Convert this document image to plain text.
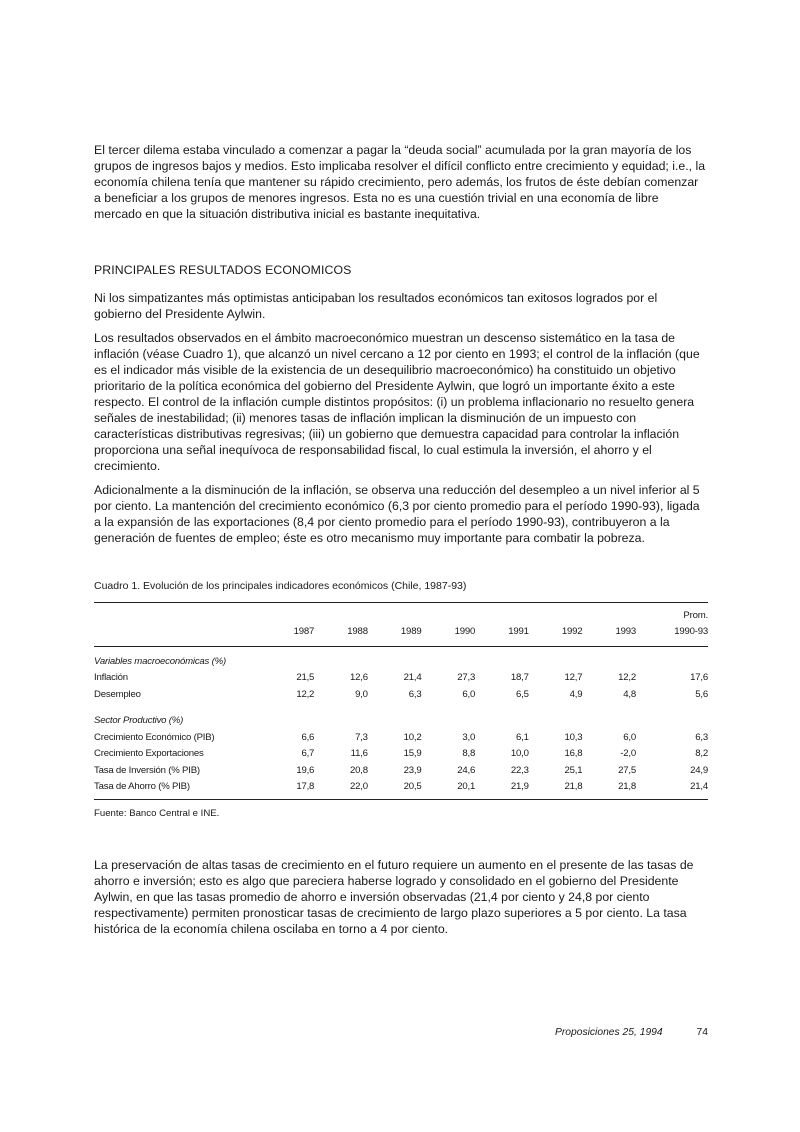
El tercer dilema estaba vinculado a comenzar a pagar la “deuda social” acumulada por la gran mayoría de los grupos de ingresos bajos y medios. Esto implicaba resolver el difícil conflicto entre crecimiento y equidad; i.e., la economía chilena tenía que mantener su rápido crecimiento, pero además, los frutos de éste debían comenzar a beneficiar a los grupos de menores ingresos. Esta no es una cuestión trivial en una economía de libre mercado en que la situación distributiva inicial es bastante inequitativa.

PRINCIPALES RESULTADOS ECONOMICOS

Ni los simpatizantes más optimistas anticipaban los resultados económicos tan exitosos logrados por el gobierno del Presidente Aylwin.

Los resultados observados en el ámbito macroeconómico muestran un descenso sistemático en la tasa de inflación (véase Cuadro 1), que alcanzó un nivel cercano a 12 por ciento en 1993; el control de la inflación (que es el indicador más visible de la existencia de un desequilibrio macroeconómico) ha constituido un objetivo prioritario de la política económica del gobierno del Presidente Aylwin, que logró un importante éxito a este respecto. El control de la inflación cumple distintos propósitos: (i) un problema inflacionario no resuelto genera señales de inestabilidad; (ii) menores tasas de inflación implican la disminución de un impuesto con características distributivas regresivas; (iii) un gobierno que demuestra capacidad para controlar la inflación proporciona una señal inequívoca de responsabilidad fiscal, lo cual estimula la inversión, el ahorro y el crecimiento.

Adicionalmente a la disminución de la inflación, se observa una reducción del desempleo a un nivel inferior al 5 por ciento. La mantención del crecimiento económico (6,3 por ciento promedio para el período 1990-93), ligada a la expansión de las exportaciones (8,4 por ciento promedio para el período 1990-93), contribuyeron a la generación de fuentes de empleo; éste es otro mecanismo muy importante para combatir la pobreza.

Cuadro 1. Evolución de los principales indicadores económicos (Chile, 1987-93)

								Prom.
	1987	1988	1989	1990	1991	1992	1993	1990-93

Variables macroeconómicas (%)								
Inflación	21,5	12,6	21,4	27,3	18,7	12,7	12,2	17,6
Desempleo	12,2	9,0	6,3	6,0	6,5	4,9	4,8	5,6

Sector Productivo (%)								
Crecimiento Económico (PIB)	6,6	7,3	10,2	3,0	6,1	10,3	6,0	6,3
Crecimiento Exportaciones	6,7	11,6	15,9	8,8	10,0	16,8	-2,0	8,2
Tasa de Inversión (% PIB)	19,6	20,8	23,9	24,6	22,3	25,1	27,5	24,9
Tasa de Ahorro (% PIB)	17,8	22,0	20,5	20,1	21,9	21,8	21,8	21,4

Fuente: Banco Central e INE.

La preservación de altas tasas de crecimiento en el futuro requiere un aumento en el presente de las tasas de ahorro e inversión; esto es algo que pareciera haberse logrado y consolidado en el gobierno del Presidente Aylwin, en que las tasas promedio de ahorro e inversión observadas (21,4 por ciento y 24,8 por ciento respectivamente) permiten pronosticar tasas de crecimiento de largo plazo superiores a 5 por ciento. La tasa histórica de la economía chilena oscilaba en torno a 4 por ciento.

Proposiciones 25, 1994	74
